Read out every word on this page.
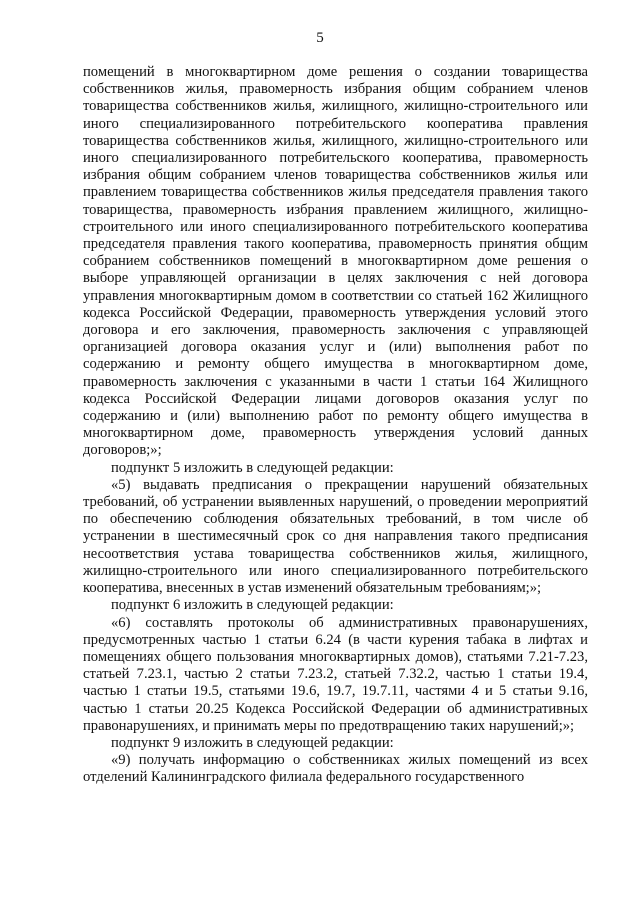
5

помещений в многоквартирном доме решения о создании товарищества собственников жилья, правомерность избрания общим собранием членов товарищества собственников жилья, жилищного, жилищно-строительного или иного специализированного потребительского кооператива правления товарищества собственников жилья, жилищного, жилищно-строительного или иного специализированного потребительского кооператива, правомерность избрания общим собранием членов товарищества собственников жилья или правлением товарищества собственников жилья председателя правления такого товарищества, правомерность избрания правлением жилищного, жилищно-строительного или иного специализированного потребительского кооператива председателя правления такого кооператива, правомерность принятия общим собранием собственников помещений в многоквартирном доме решения о выборе управляющей организации в целях заключения с ней договора управления многоквартирным домом в соответствии со статьей 162 Жилищного кодекса Российской Федерации, правомерность утверждения условий этого договора и его заключения, правомерность заключения с управляющей организацией договора оказания услуг и (или) выполнения работ по содержанию и ремонту общего имущества в многоквартирном доме, правомерность заключения с указанными в части 1 статьи 164 Жилищного кодекса Российской Федерации лицами договоров оказания услуг по содержанию и (или) выполнению работ по ремонту общего имущества в многоквартирном доме, правомерность утверждения условий данных договоров;»;

подпункт 5 изложить в следующей редакции:

«5) выдавать предписания о прекращении нарушений обязательных требований, об устранении выявленных нарушений, о проведении мероприятий по обеспечению соблюдения обязательных требований, в том числе об устранении в шестимесячный срок со дня направления такого предписания несоответствия устава товарищества собственников жилья, жилищного, жилищно-строительного или иного специализированного потребительского кооператива, внесенных в устав изменений обязательным требованиям;»;

подпункт 6 изложить в следующей редакции:

«6) составлять протоколы об административных правонарушениях, предусмотренных частью 1 статьи 6.24 (в части курения табака в лифтах и помещениях общего пользования многоквартирных домов), статьями 7.21-7.23, статьей 7.23.1, частью 2 статьи 7.23.2, статьей 7.32.2, частью 1 статьи 19.4, частью 1 статьи 19.5, статьями 19.6, 19.7, 19.7.11, частями 4 и 5 статьи 9.16, частью 1 статьи 20.25 Кодекса Российской Федерации об административных правонарушениях, и принимать меры по предотвращению таких нарушений;»;

подпункт 9 изложить в следующей редакции:

«9) получать информацию о собственниках жилых помещений из всех отделений Калининградского филиала федерального государственного
